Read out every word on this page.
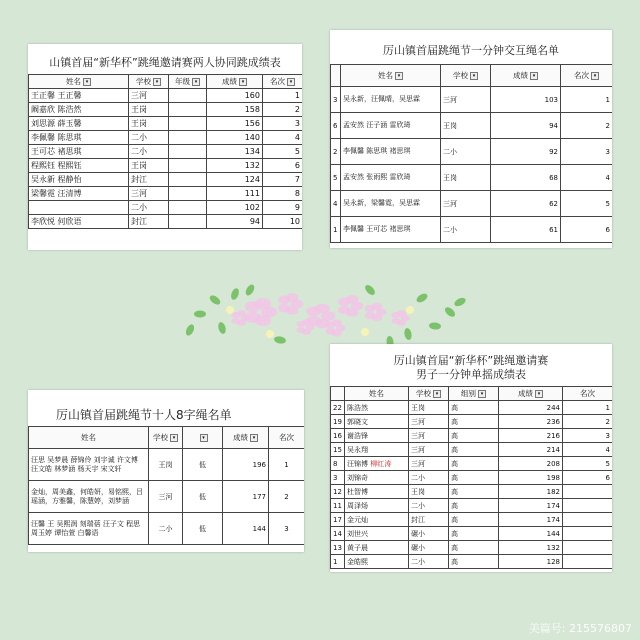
山镇首届“新华杯”跳绳邀请赛两人协同跳成绩表
姓名 ▾	学校 ▾	年级 ▾	成绩 ▾	名次 ▾
王正馨 王正馨	三河		160	1
阚嘉欣 陈浩然	王岗		158	2
刘思源 薛玉馨	王岗		156	3
李佩馨 陈思琪	二小		140	4
王可芯 褚思琪	二小		134	5
程熙钰 程熙钰	王岗		132	6
吴永新 程静怡	封江		124	7
梁馨霓 汪清博	三河		111	8
	二小		102	9
李欣悦 何欣语	封江		94	10
厉山镇首届跳绳节一分钟交互绳名单
	姓名 ▾	学校 ▾	成绩 ▾	名次 ▾
3	吴永新，汪佩晴，吴思霖	三河	103	1
6	孟安然 汪子涵 雷欣琦	王岗	94	2
2	李佩馨 陈思琪 褚思琪	二小	92	3
5	孟安然 张雨熙 雷欣琦	王岗	68	4
4	吴永新，梁馨霓，吴思霖	三河	62	5
1	李佩馨 王可芯 褚思琪	二小	61	6
厉山镇首届跳绳节十人8字绳名单
姓名	学校 ▾	▾	成绩 ▾	名次
汪思 吴梦晨 薛锦伶 刘宇诚 许文博 汪文皓 林梦涵 杨天宇 宋文轩	王岗	低	196	1
金灿，周美鑫，何皓妍，易铭熙，吕瑶涵，方雅馨，陈慧婷，刘梦涵	三河	低	177	2
汪馨 王 吴熙润 刻瑞蓓 汪子文 程思 周玉婷 谭怡萱 白馨语	二小	低	144	3
厉山镇首届“新华杯”跳绳邀请赛
男子一分钟单摇成绩表
	姓名	学校 ▾	组别 ▾	成绩 ▾	名次
22	陈浩然	王岗	高	244	1
19	郭晓文	三河	高	236	2
16	谢浩锋	三河	高	216	3
15	吴永翔	三河	高	214	4
8	汪锦博 柳红涛	三河	高	208	5
3	刘锦奇	二小	高	198	6
12	杜智博	王岗	高	182	
11	周泽炀	二小	高	174	
17	金元灿	封江	高	174	
14	刘世兴	碾小	高	144	
13	黄子晨	碾小	高	132	
1	金皓熙	二小	高	128	
美篇号: 215576807
